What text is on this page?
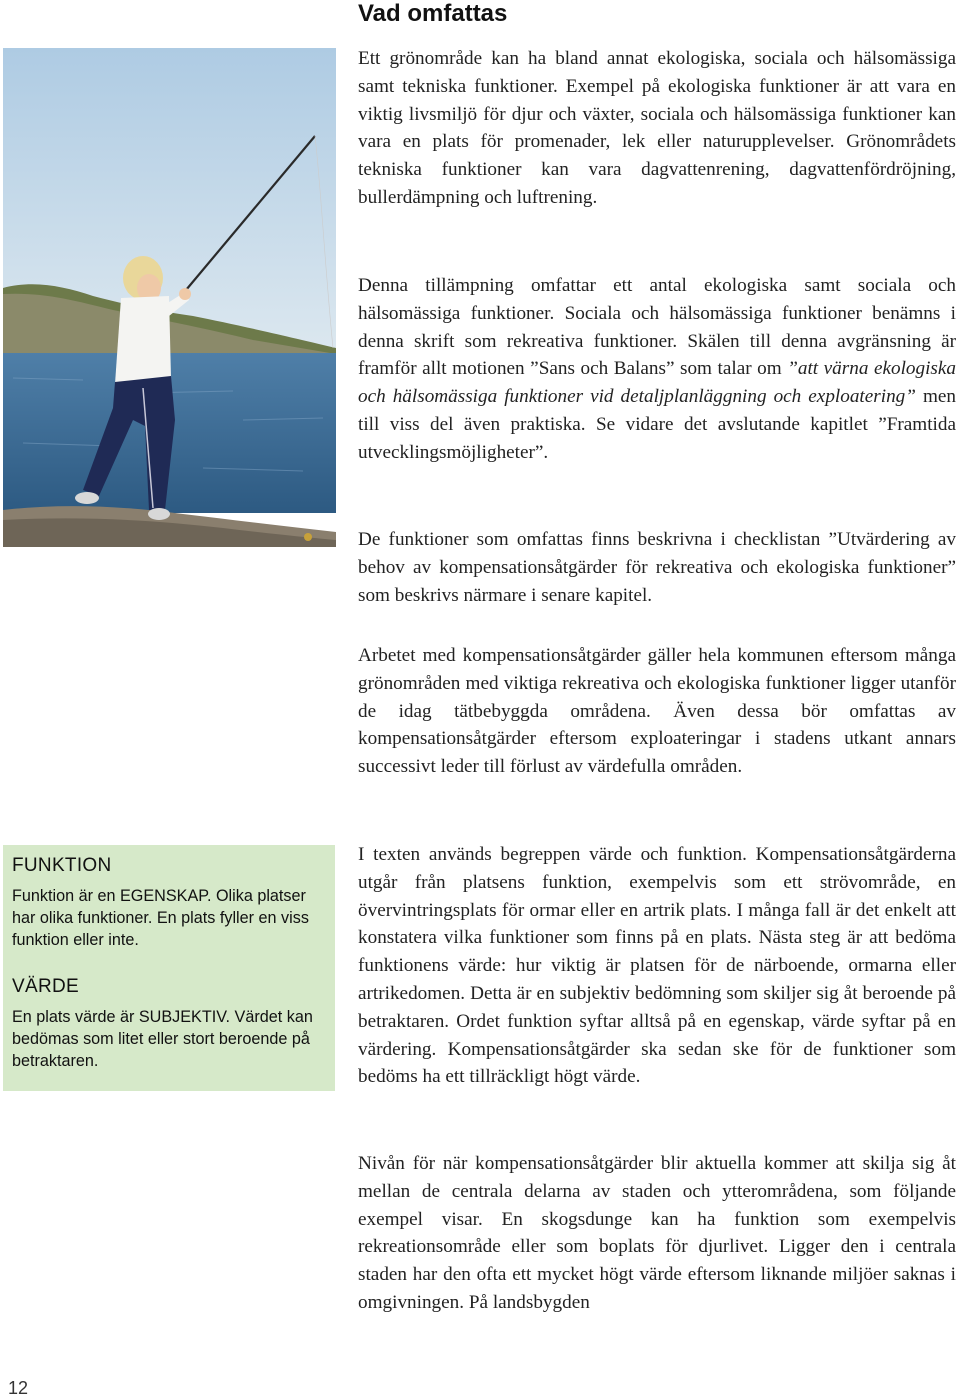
Vad omfattas

Ett grönområde kan ha bland annat ekologiska, sociala och hälsomässiga samt tekniska funktioner. Exempel på ekologiska funktioner är att vara en viktig livsmiljö för djur och växter, sociala och hälsomässiga funktioner kan vara en plats för promenader, lek eller naturupplevelser. Grönområdets tekniska funktioner kan vara dagvattenrening, dagvattenfördröjning, bullerdämpning och luftrening.

Denna tillämpning omfattar ett antal ekologiska samt sociala och hälsomässiga funktioner. Sociala och hälsomässiga funktioner benämns i denna skrift som rekreativa funktioner. Skälen till denna avgränsning är framför allt motionen ”Sans och Balans” som talar om ”att värna ekologiska och hälsomässiga funktioner vid detaljplanläggning och exploatering” men till viss del även praktiska. Se vidare det avslutande kapitlet ”Framtida utvecklingsmöjligheter”.

De funktioner som omfattas finns beskrivna i checklistan ”Utvärdering av behov av kompensationsåtgärder för rekreativa och ekologiska funktioner” som beskrivs närmare i senare kapitel.

Arbetet med kompensationsåtgärder gäller hela kommunen eftersom många grönområden med viktiga rekreativa och ekologiska funktioner ligger utanför de idag tätbebyggda områdena. Även dessa bör omfattas av kompensationsåtgärder eftersom exploateringar i stadens utkant annars successivt leder till förlust av värdefulla områden.

I texten används begreppen värde och funktion. Kompensationsåtgärderna utgår från platsens funktion, exempelvis som ett strövområde, en övervintringsplats för ormar eller en artrik plats. I många fall är det enkelt att konstatera vilka funktioner som finns på en plats. Nästa steg är att bedöma funktionens värde: hur viktig är platsen för de närboende, ormarna eller artrikedomen. Detta är en subjektiv bedömning som skiljer sig åt beroende på betraktaren. Ordet funktion syftar alltså på en egenskap, värde syftar på en värdering. Kompensationsåtgärder ska sedan ske för de funktioner som bedöms ha ett tillräckligt högt värde.

Nivån för när kompensationsåtgärder blir aktuella kommer att skilja sig åt mellan de centrala delarna av staden och ytterområdena, som följande exempel visar. En skogsdunge kan ha funktion som exempelvis rekreationsområde eller som boplats för djurlivet. Ligger den i centrala staden har den ofta ett mycket högt värde eftersom liknande miljöer saknas i omgivningen. På landsbygden

FUNKTION

Funktion är en EGENSKAP. Olika platser har olika funktioner. En plats fyller en viss funktion eller inte.

VÄRDE

En plats värde är SUBJEKTIV. Värdet kan bedömas som litet eller stort beroende på betraktaren.

12
